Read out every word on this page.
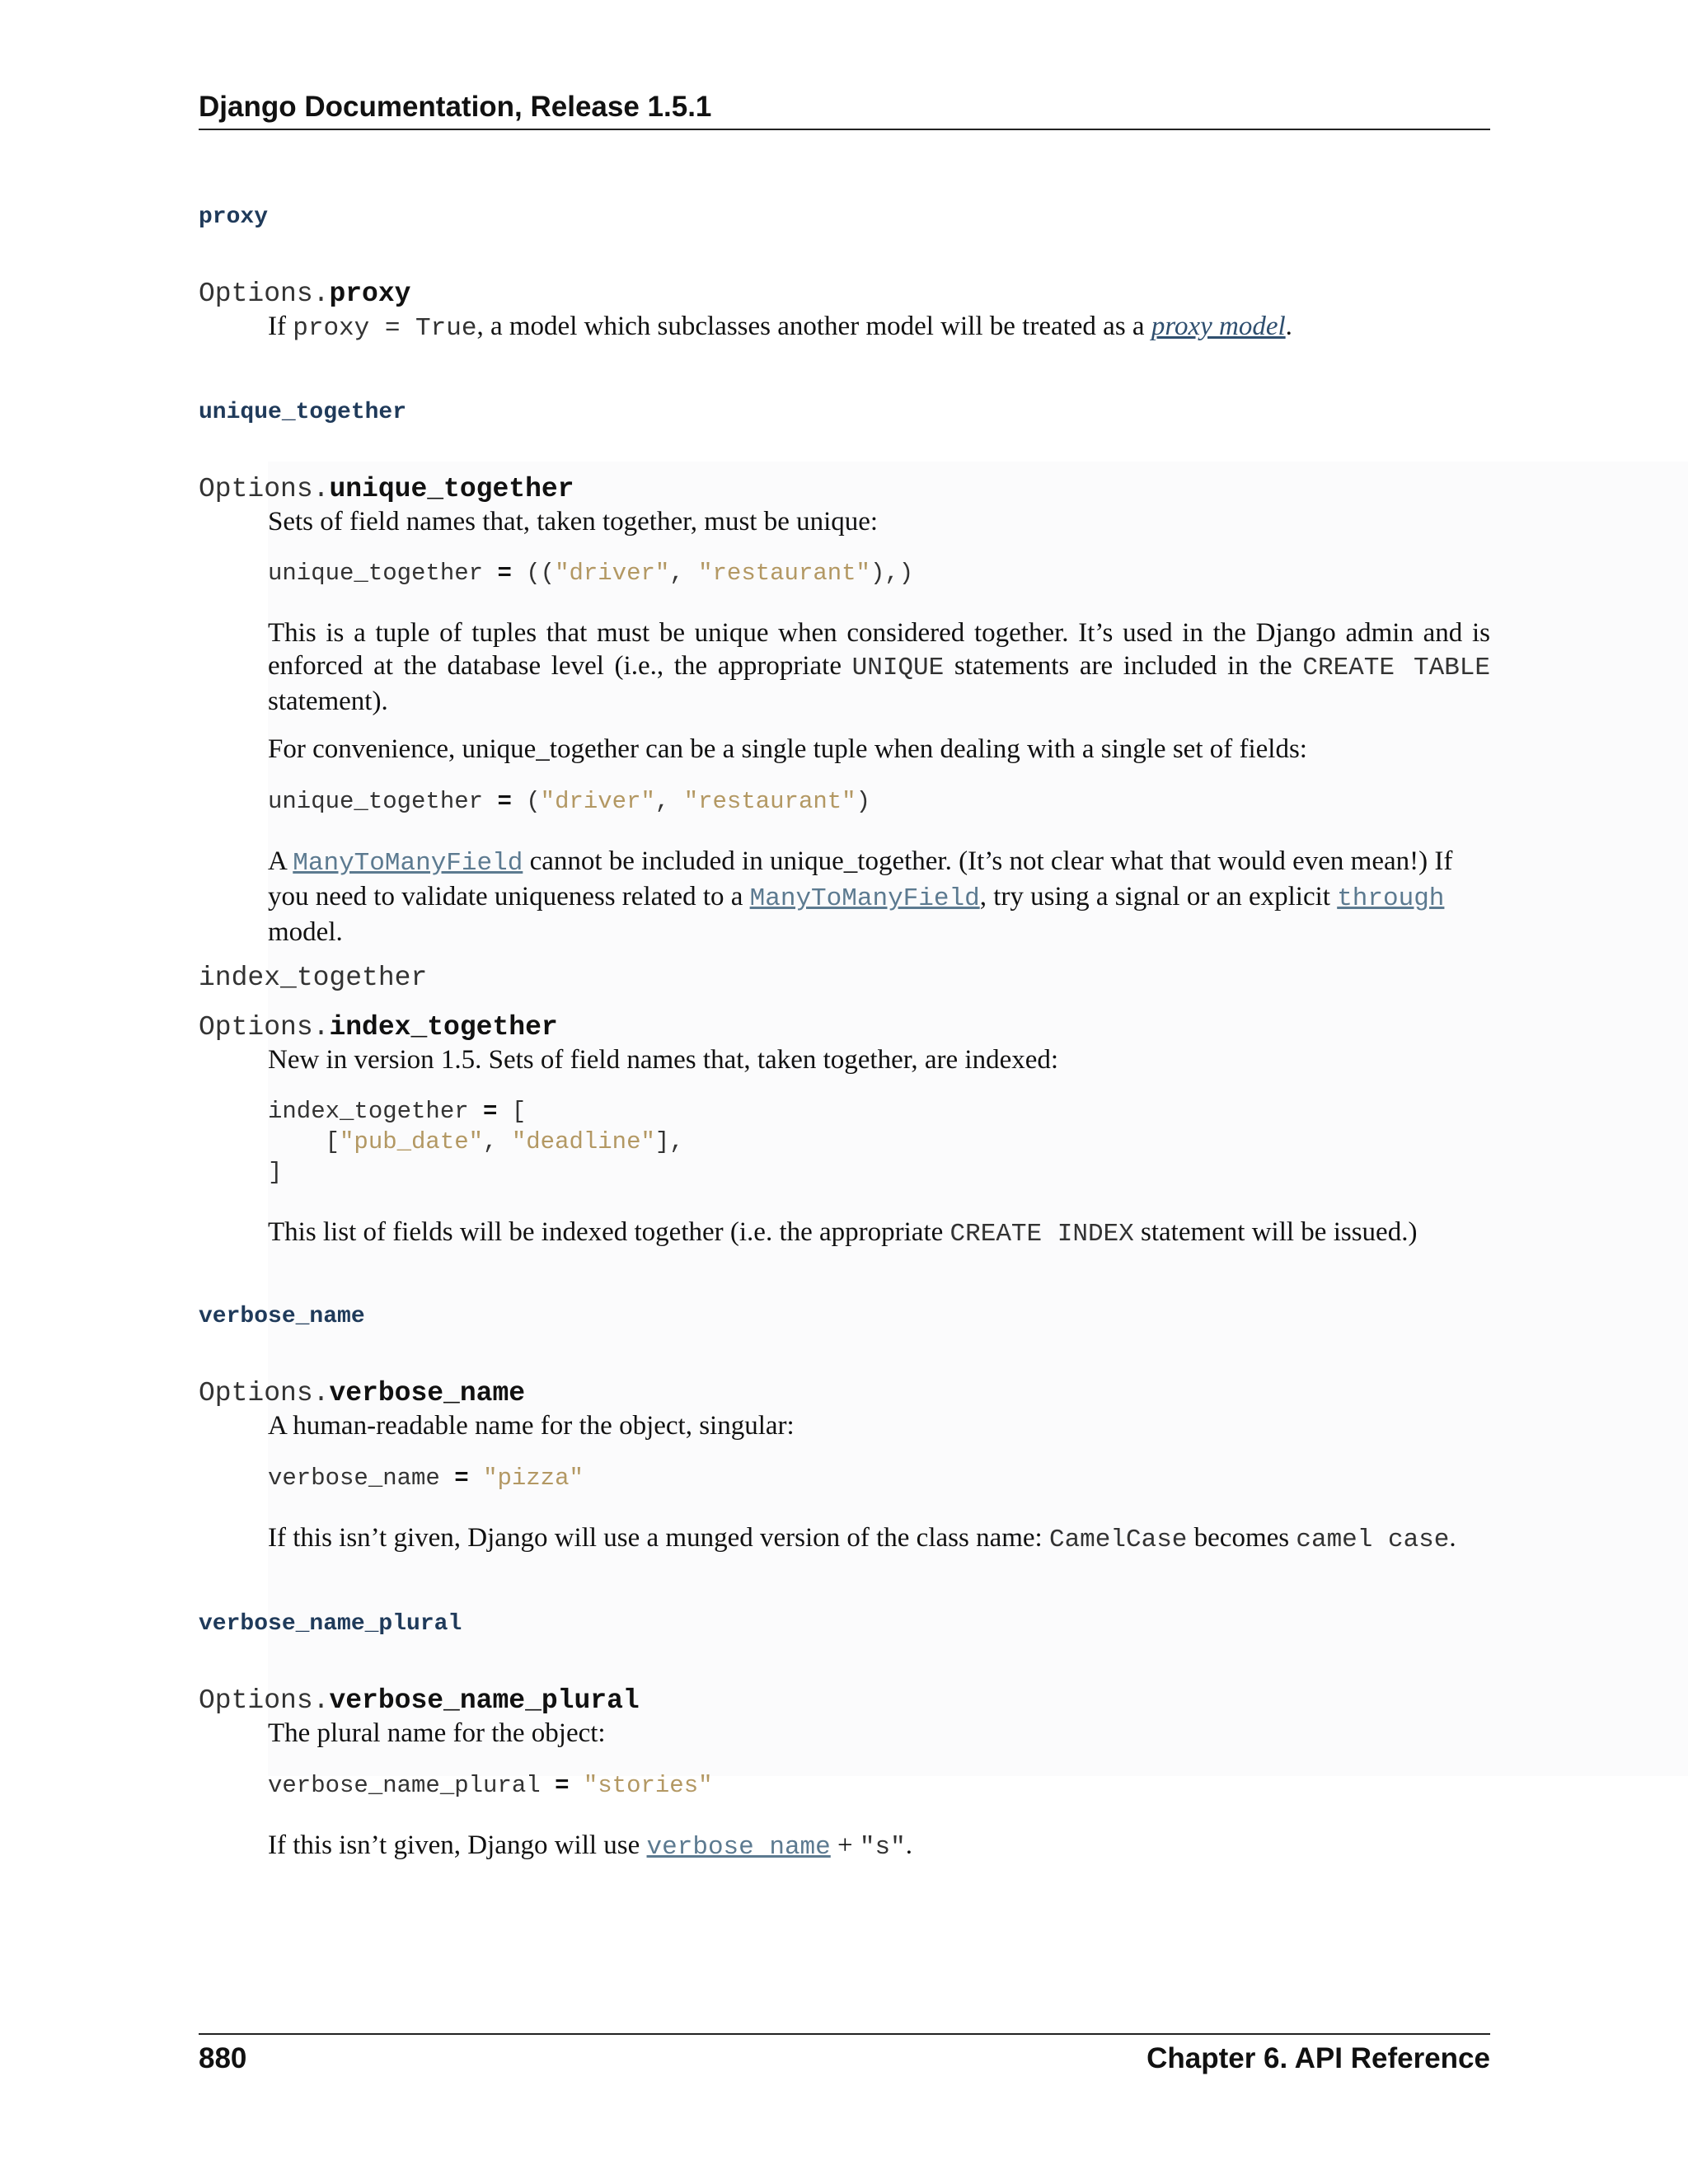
Django Documentation, Release 1.5.1
proxy
Options.proxy
If proxy = True, a model which subclasses another model will be treated as a proxy model.
unique_together
Options.unique_together
Sets of field names that, taken together, must be unique:
unique_together = (("driver", "restaurant"),)
This is a tuple of tuples that must be unique when considered together. It’s used in the Django admin and is enforced at the database level (i.e., the appropriate UNIQUE statements are included in the CREATE TABLE statement).
For convenience, unique_together can be a single tuple when dealing with a single set of fields:
unique_together = ("driver", "restaurant")
A ManyToManyField cannot be included in unique_together. (It’s not clear what that would even mean!) If you need to validate uniqueness related to a ManyToManyField, try using a signal or an explicit through model.
index_together
Options.index_together
New in version 1.5. Sets of field names that, taken together, are indexed:
index_together = [
["pub_date", "deadline"],
]
This list of fields will be indexed together (i.e. the appropriate CREATE INDEX statement will be issued.)
verbose_name
Options.verbose_name
A human-readable name for the object, singular:
verbose_name = "pizza"
If this isn’t given, Django will use a munged version of the class name: CamelCase becomes camel case.
verbose_name_plural
Options.verbose_name_plural
The plural name for the object:
verbose_name_plural = "stories"
If this isn’t given, Django will use verbose_name + "s".
880	Chapter 6. API Reference
